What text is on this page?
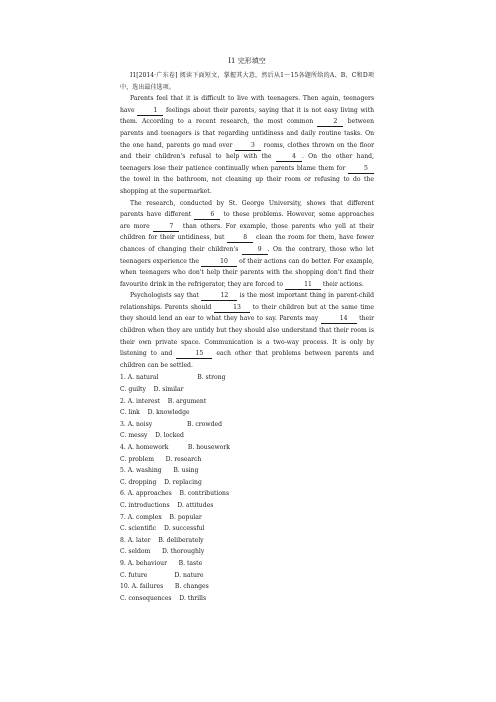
I1 完形填空

I1[2014·广东卷] 阅读下面短文，掌握其大意，然后从1～15各题所给的A、B、C和D项中，选出最佳选项。

Parents feel that it is difficult to live with teenagers. Then again, teenagers have	1 feelings about their parents, saying that it is not easy living with them. According to a recent research, the most common	2 between parents and teenagers is that regarding untidiness and daily routine tasks. On the one hand, parents go mad over	3 rooms, clothes thrown on the floor and their children's refusal to help with the	4 . On the other hand, teenagers lose their patience continually when parents blame them for	5 the towel in the bathroom, not cleaning up their room or refusing to do the shopping at the supermarket.

The research, conducted by St. George University, shows that different parents have different	6 to these problems. However, some approaches are more	7 than others. For example, those parents who yell at their children for their untidiness, but	8 clean the room for them, have fewer chances of changing their children's	9 . On the contrary, those who let teenagers experience the	10 of their actions can do better. For example, when teenagers who don't help their parents with the shopping don't find their favourite drink in the refrigerator, they are forced to	11 their actions.

Psychologists say that	12 is the most important thing in parent-child relationships. Parents should	13 to their children but at the same time they should lend an ear to what they have to say. Parents may	14 their children when they are untidy but they should also understand that their room is their own private space. Communication is a two-way process. It is only by listening to and	15 each other that problems between parents and children can be settled.

1. A. natural                    B. strong
C. guilty    D. similar
2. A. interest    B. argument
C. link    D. knowledge
3. A. noisy                  B. crowded
C. messy    D. locked
4. A. homework          B. housework
C. problem      D. research
5. A. washing      B. using
C. dropping    D. replacing
6. A. approaches    B. contributions
C. introductions    D. attitudes
7. A. complex    B. popular
C. scientific    D. successful
8. A. later    B. deliberately
C. seldom      D. thoroughly
9. A. behaviour      B. taste
C. future              D. nature
10. A. failures      B. changes
C. consequences    D. thrills
